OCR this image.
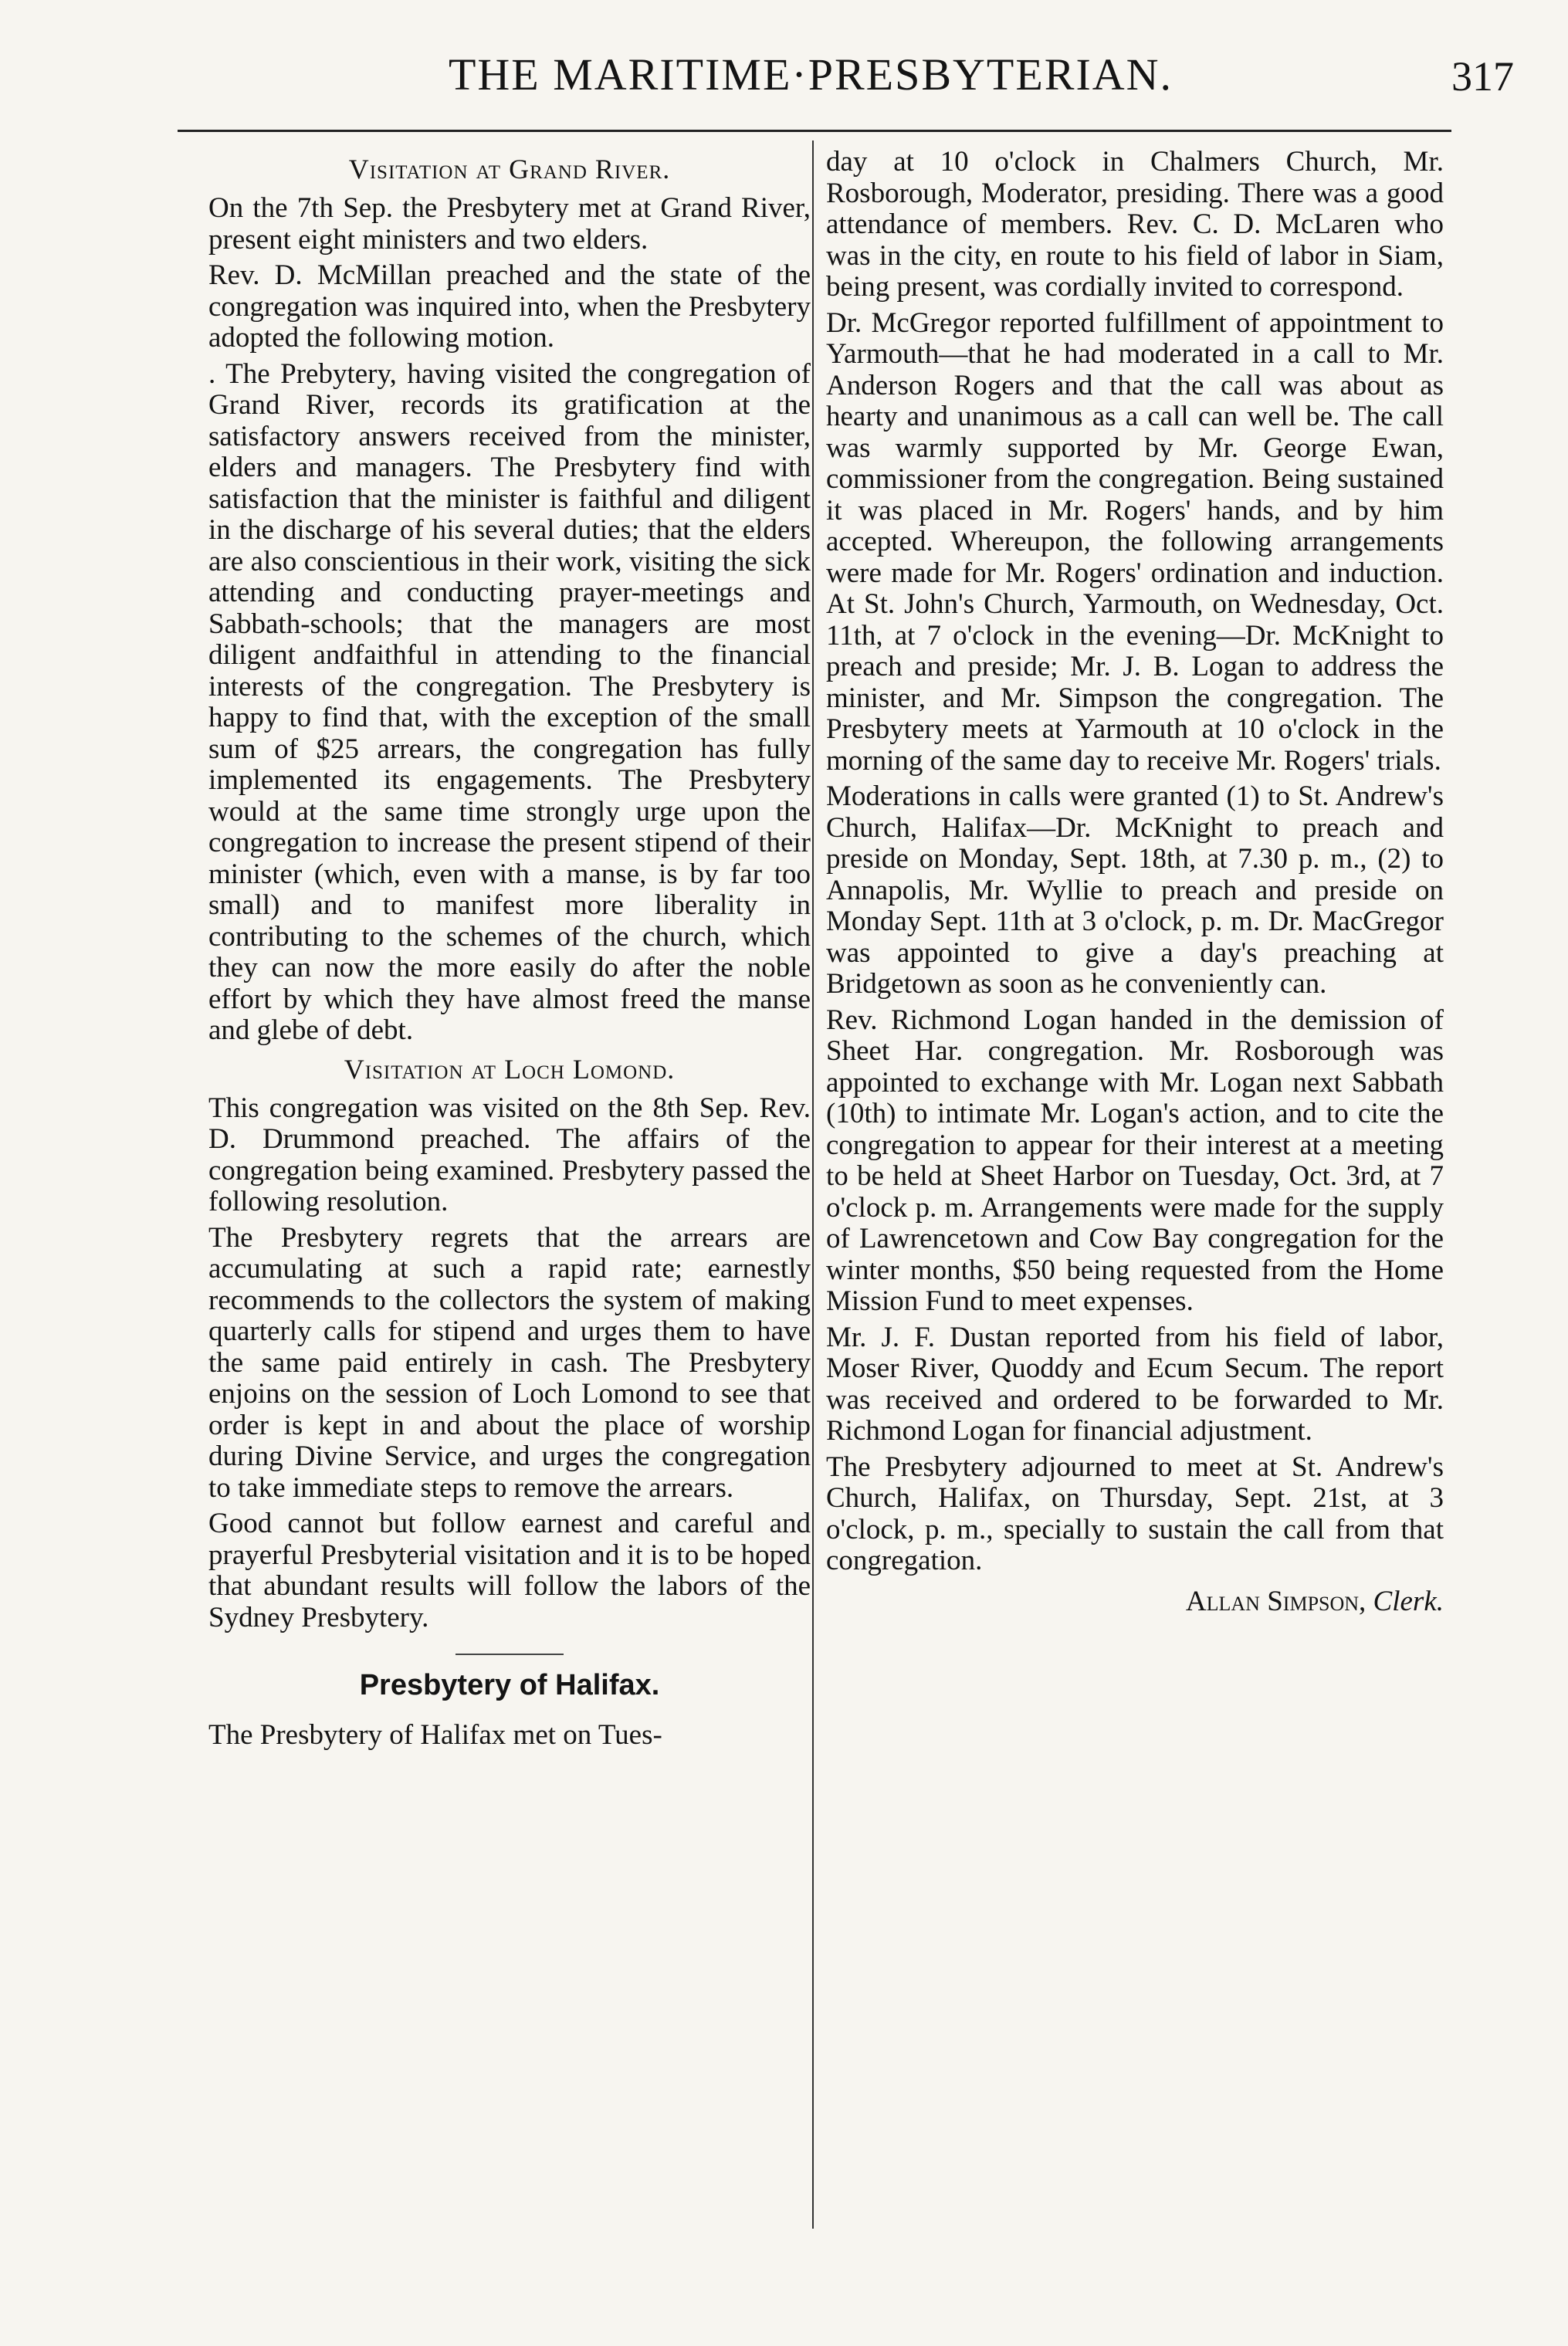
THE MARITIME·PRESBYTERIAN.	317
Visitation at Grand River.

On the 7th Sep. the Presbytery met at Grand River, present eight ministers and two elders.

Rev. D. McMillan preached and the state of the congregation was inquired into, when the Presbytery adopted the following motion.

. The Prebytery, having visited the congregation of Grand River, records its gratification at the satisfactory answers received from the minister, elders and managers. The Presbytery find with satisfaction that the minister is faithful and diligent in the discharge of his several duties; that the elders are also conscientious in their work, visiting the sick attending and conducting prayer-meetings and Sabbath-schools; that the managers are most diligent andfaithful in attending to the financial interests of the congregation. The Presbytery is happy to find that, with the exception of the small sum of $25 arrears, the congregation has fully implemented its engagements. The Presbytery would at the same time strongly urge upon the congregation to increase the present stipend of their minister (which, even with a manse, is by far too small) and to manifest more liberality in contributing to the schemes of the church, which they can now the more easily do after the noble effort by which they have almost freed the manse and glebe of debt.

Visitation at Loch Lomond.

This congregation was visited on the 8th Sep. Rev. D. Drummond preached. The affairs of the congregation being examined. Presbytery passed the following resolution.

The Presbytery regrets that the arrears are accumulating at such a rapid rate; earnestly recommends to the collectors the system of making quarterly calls for stipend and urges them to have the same paid entirely in cash. The Presbytery enjoins on the session of Loch Lomond to see that order is kept in and about the place of worship during Divine Service, and urges the congregation to take immediate steps to remove the arrears.

Good cannot but follow earnest and careful and prayerful Presbyterial visitation and it is to be hoped that abundant results will follow the labors of the Sydney Presbytery.

Presbytery of Halifax.

The Presbytery of Halifax met on Tues-

day at 10 o'clock in Chalmers Church, Mr. Rosborough, Moderator, presiding. There was a good attendance of members. Rev. C. D. McLaren who was in the city, en route to his field of labor in Siam, being present, was cordially invited to correspond.

Dr. McGregor reported fulfillment of appointment to Yarmouth—that he had moderated in a call to Mr. Anderson Rogers and that the call was about as hearty and unanimous as a call can well be. The call was warmly supported by Mr. George Ewan, commissioner from the congregation. Being sustained it was placed in Mr. Rogers' hands, and by him accepted. Whereupon, the following arrangements were made for Mr. Rogers' ordination and induction. At St. John's Church, Yarmouth, on Wednesday, Oct. 11th, at 7 o'clock in the evening—Dr. McKnight to preach and preside; Mr. J. B. Logan to address the minister, and Mr. Simpson the congregation. The Presbytery meets at Yarmouth at 10 o'clock in the morning of the same day to receive Mr. Rogers' trials.

Moderations in calls were granted (1) to St. Andrew's Church, Halifax—Dr. McKnight to preach and preside on Monday, Sept. 18th, at 7.30 p. m., (2) to Annapolis, Mr. Wyllie to preach and preside on Monday Sept. 11th at 3 o'clock, p. m. Dr. MacGregor was appointed to give a day's preaching at Bridgetown as soon as he conveniently can.

Rev. Richmond Logan handed in the demission of Sheet Har. congregation. Mr. Rosborough was appointed to exchange with Mr. Logan next Sabbath (10th) to intimate Mr. Logan's action, and to cite the congregation to appear for their interest at a meeting to be held at Sheet Harbor on Tuesday, Oct. 3rd, at 7 o'clock p. m. Arrangements were made for the supply of Lawrencetown and Cow Bay congregation for the winter months, $50 being requested from the Home Mission Fund to meet expenses.

Mr. J. F. Dustan reported from his field of labor, Moser River, Quoddy and Ecum Secum. The report was received and ordered to be forwarded to Mr. Richmond Logan for financial adjustment.

The Presbytery adjourned to meet at St. Andrew's Church, Halifax, on Thursday, Sept. 21st, at 3 o'clock, p. m., specially to sustain the call from that congregation.

Allan Simpson, Clerk.
